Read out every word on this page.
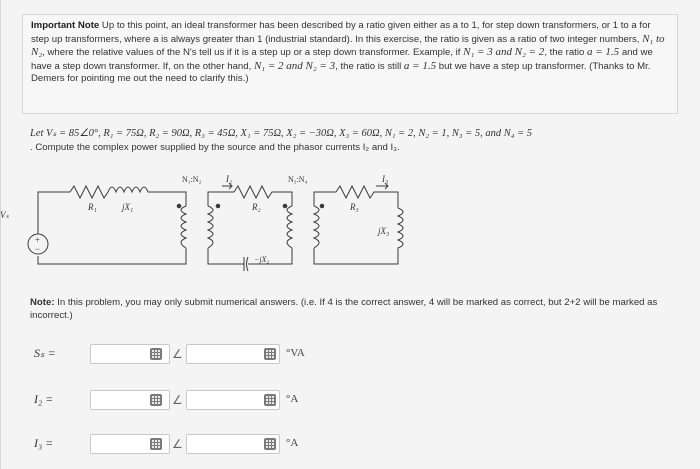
Important Note Up to this point, an ideal transformer has been described by a ratio given either as a to 1, for step down transformers, or 1 to a for step up transformers, where a is always greater than 1 (industrial standard). In this exercise, the ratio is given as a ratio of two integer numbers, N₁ to N₂, where the relative values of the N's tell us if it is a step up or a step down transformer. Example, if N₁ = 3 and N₂ = 2, the ratio a = 1.5 and we have a step down transformer. If, on the other hand, N₁ = 2 and N₂ = 3, the ratio is still a = 1.5 but we have a step up transformer. (Thanks to Mr. Demers for pointing me out the need to clarify this.)
Let Vₛ = 85∠0°, R₁ = 75Ω, R₂ = 90Ω, R₃ = 45Ω, X₁ = 75Ω, X₂ = −30Ω, X₃ = 60Ω, N₁ = 2, N₂ = 1, N₃ = 5, and N₄ = 5
. Compute the complex power supplied by the source and the phasor currents I₂ and I₃.
+
−
Vₛ
R₁	jX₁
N₁:N₂	I₂
R₂
−jX₂
N₃:N₄	I₃
R₃
jX₃
Note: In this problem, you may only submit numerical answers. (i.e. If 4 is the correct answer, 4 will be marked as correct, but 2+2 will be marked as incorrect.)
Sₛ =	∠	°VA
I₂ =	∠	°A
I₃ =	∠	°A
